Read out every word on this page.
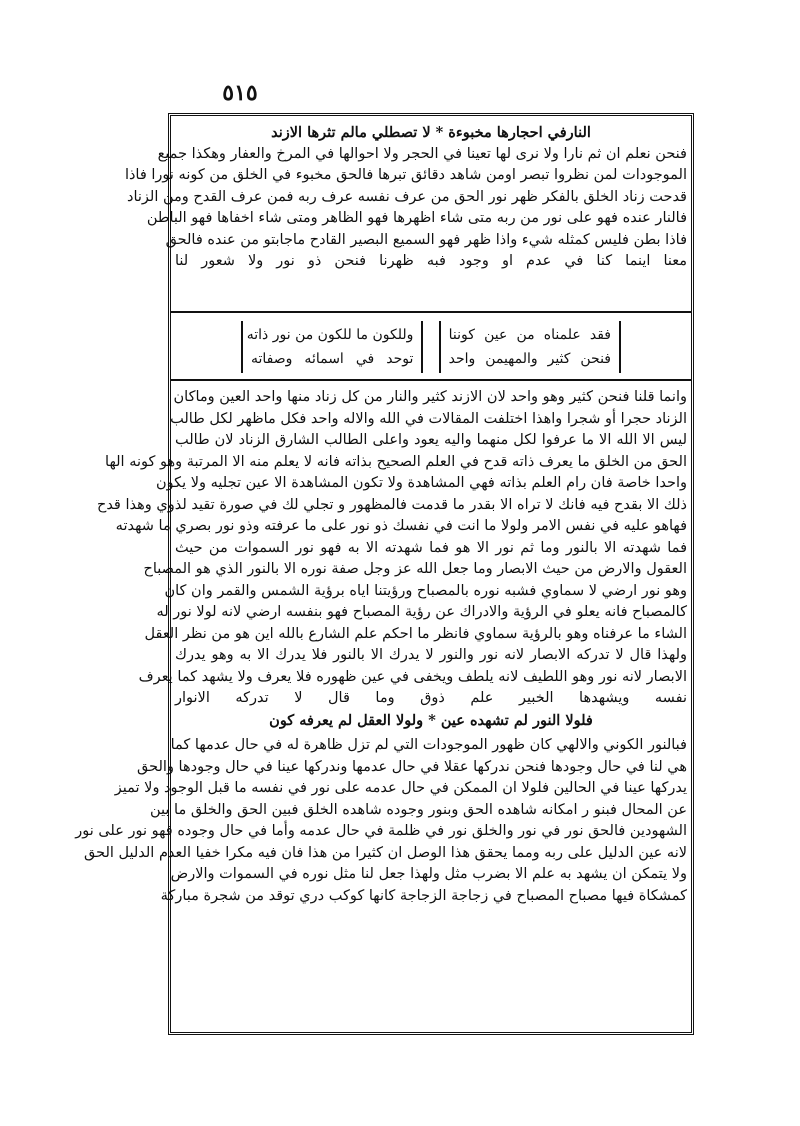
٥١٥
النارفي احجارها مخبوءة * لا تصطلي مالم تثرها الازند
فنحن نعلم ان ثم نارا ولا نرى لها تعينا في الحجر ولا احوالها في المرخ والعفار وهكذا جميع
الموجودات لمن نظروا تبصر اومن شاهد دقائق تبرها فالحق مخبوء في الخلق من كونه نورا فاذا
قدحت زناد الخلق بالفكر ظهر نور الحق من عرف نفسه عرف ربه فمن عرف القدح ومن الزناد
فالنار عنده فهو على نور من ربه متى شاء اظهرها فهو الظاهر ومتى شاء اخفاها فهو الباطن
فاذا بطن فليس كمثله شيء واذا ظهر فهو السميع البصير القادح ماجابتو من عنده فالحق
معنا اينما كنا في عدم او وجود فبه ظهرنا فنحن ذو نور ولا شعور لنا
فقد علمناه من عين كوننا
فنحن كثير والمهيمن واحد
وللكون ما للكون من نور ذاته
توحد في اسمائه وصفاته
وانما قلنا فنحن كثير وهو واحد لان الازند كثير والنار من كل زناد منها واحد العين وماكان
الزناد حجرا أو شجرا واهذا اختلفت المقالات في الله والاله واحد فكل ماظهر لكل طالب
ليس الا الله الا ما عرفوا لكل منهما واليه يعود واعلى الطالب الشارق الزناد لان طالب
الحق من الخلق ما يعرف ذاته قدح في العلم الصحيح بذاته فانه لا يعلم منه الا المرتبة وهو كونه الها
واحدا خاصة فان رام العلم بذاته فهي المشاهدة ولا تكون المشاهدة الا عين تجليه ولا يكون
ذلك الا بقدح فيه فانك لا تراه الا بقدر ما قدمت فالمظهور و تجلي لك في صورة تقيد لذوي وهذا قدح
فهاهو عليه في نفس الامر ولولا ما انت في نفسك ذو نور على ما عرفته وذو نور بصري ما شهدته
فما شهدته الا بالنور وما ثم نور الا هو فما شهدته الا به فهو نور السموات من حيث
العقول والارض من حيث الابصار وما جعل الله عز وجل صفة نوره الا بالنور الذي هو المصباح
وهو نور ارضي لا سماوي فشبه نوره بالمصباح ورؤيتنا اياه برؤية الشمس والقمر وان كان
كالمصباح فانه يعلو في الرؤية والادراك عن رؤية المصباح فهو بنفسه ارضي لانه لولا نور له
الشاء ما عرفناه وهو بالرؤية سماوي فانظر ما احكم علم الشارع بالله اين هو من نظر العقل
ولهذا قال لا تدركه الابصار لانه نور والنور لا يدرك الا بالنور فلا يدرك الا به وهو يدرك
الابصار لانه نور وهو اللطيف لانه يلطف ويخفى في عين ظهوره فلا يعرف ولا يشهد كما يعرف
نفسه ويشهدها الخبير علم ذوق وما قال لا تدركه الانوار
فلولا النور لم تشهده عين * ولولا العقل لم يعرفه كون
فبالنور الكوني والالهي كان ظهور الموجودات التي لم تزل ظاهرة له في حال عدمها كما
هي لنا في حال وجودها فنحن ندركها عقلا في حال عدمها وندركها عينا في حال وجودها والحق
يدركها عينا في الحالين فلولا ان الممكن في حال عدمه على نور في نفسه ما قبل الوجود ولا تميز
عن المحال فبنو ر امكانه شاهده الحق وبنور وجوده شاهده الخلق فبين الحق والخلق ما بين
الشهودين فالحق نور في نور والخلق نور في ظلمة في حال عدمه وأما في حال وجوده فهو نور على نور
لانه عين الدليل على ربه ومما يحقق هذا الوصل ان كثيرا من هذا فان فيه مكرا خفيا العدم الدليل الحق
ولا يتمكن ان يشهد به علم الا بضرب مثل ولهذا جعل لنا مثل نوره في السموات والارض
كمشكاة فيها مصباح المصباح في زجاجة الزجاجة كانها كوكب دري توقد من شجرة مباركة
